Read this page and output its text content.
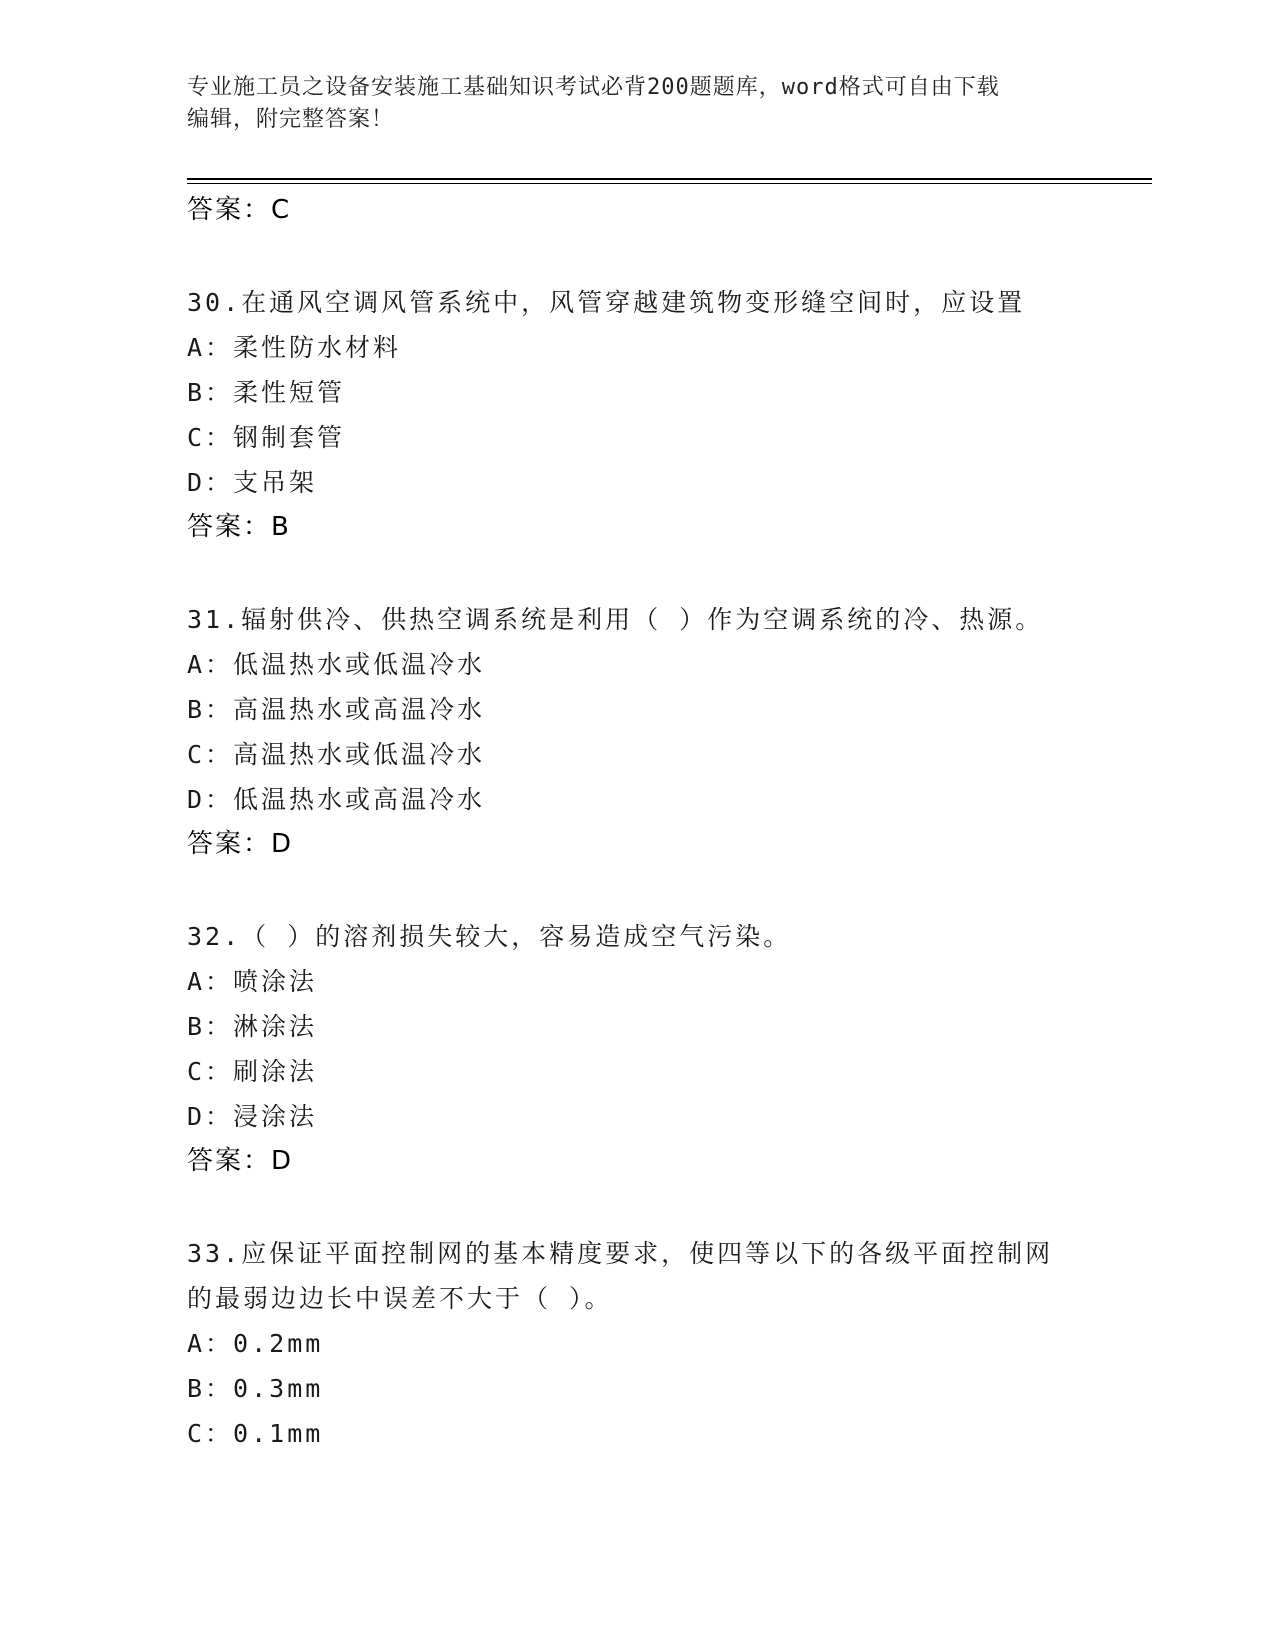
专业施工员之设备安装施工基础知识考试必背200题题库，word格式可自由下载
编辑，附完整答案！
答案：C
30.在通风空调风管系统中，风管穿越建筑物变形缝空间时，应设置
A：柔性防水材料
B：柔性短管
C：钢制套管
D：支吊架
答案：B
31.辐射供冷、供热空调系统是利用（ ）作为空调系统的冷、热源。
A：低温热水或低温冷水
B：高温热水或高温冷水
C：高温热水或低温冷水
D：低温热水或高温冷水
答案：D
32.（ ）的溶剂损失较大，容易造成空气污染。
A：喷涂法
B：淋涂法
C：刷涂法
D：浸涂法
答案：D
33.应保证平面控制网的基本精度要求，使四等以下的各级平面控制网
的最弱边边长中误差不大于（ ）。
A：0.2mm
B：0.3mm
C：0.1mm
